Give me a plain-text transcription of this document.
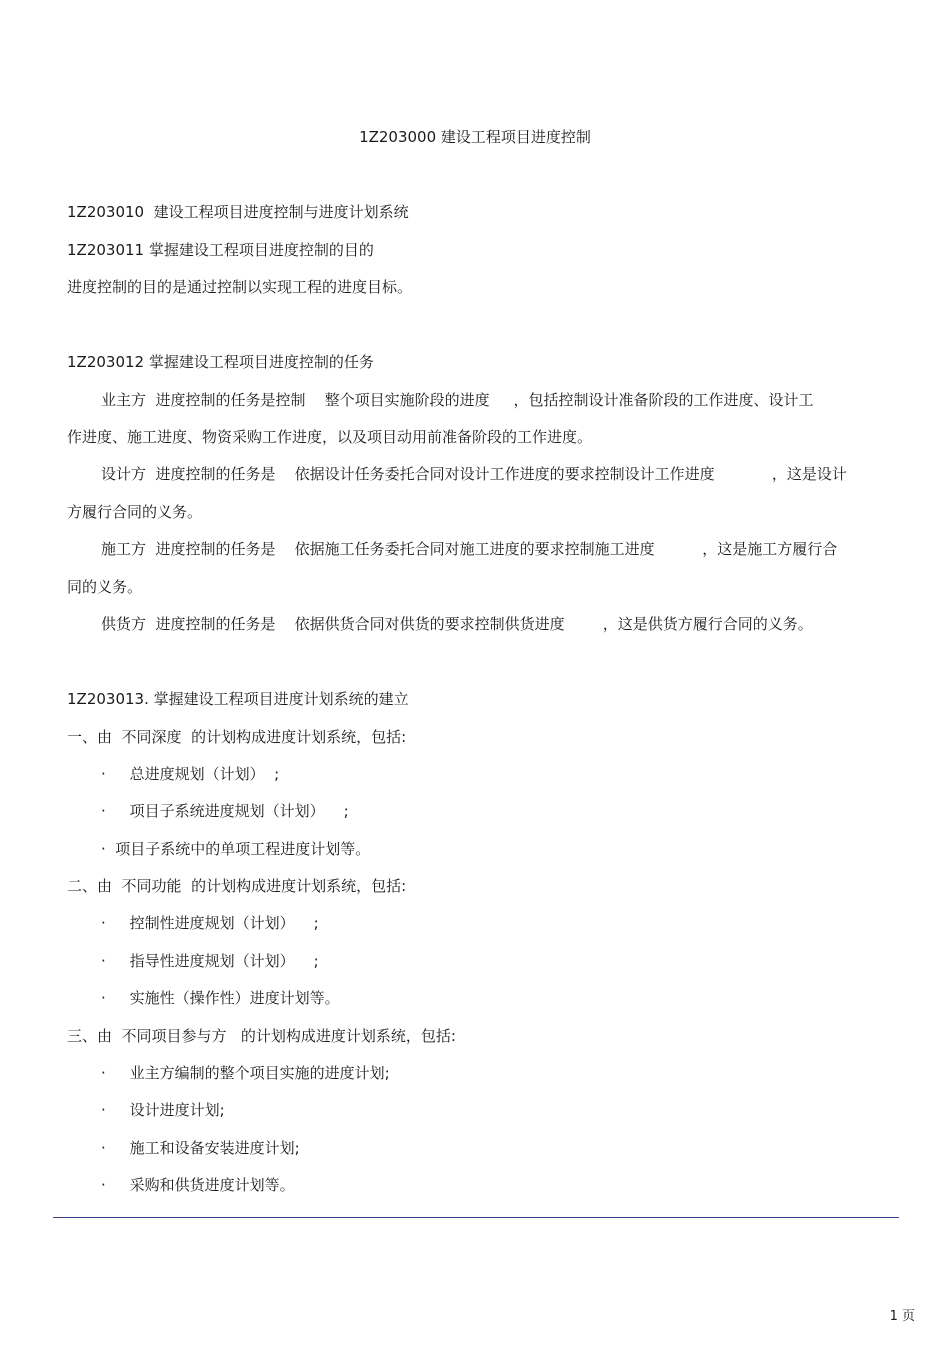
1Z203000 建设工程项目进度控制
1Z203010  建设工程项目进度控制与进度计划系统
1Z203011 掌握建设工程项目进度控制的目的
进度控制的目的是通过控制以实现工程的进度目标。
1Z203012 掌握建设工程项目进度控制的任务
业主方  进度控制的任务是控制    整个项目实施阶段的进度     ，包括控制设计准备阶段的工作进度、设计工
作进度、施工进度、物资采购工作进度，以及项目动用前准备阶段的工作进度。
设计方  进度控制的任务是    依据设计任务委托合同对设计工作进度的要求控制设计工作进度            ，这是设计
方履行合同的义务。
施工方  进度控制的任务是    依据施工任务委托合同对施工进度的要求控制施工进度          ，这是施工方履行合
同的义务。
供货方  进度控制的任务是    依据供货合同对供货的要求控制供货进度        ，这是供货方履行合同的义务。
1Z203013. 掌握建设工程项目进度计划系统的建立
一、由  不同深度  的计划构成进度计划系统，包括:
·     总进度规划（计划）  ;
·     项目子系统进度规划（计划）    ;
·  项目子系统中的单项工程进度计划等。
二、由  不同功能  的计划构成进度计划系统，包括:
·     控制性进度规划（计划）    ;
·     指导性进度规划（计划）    ;
·     实施性（操作性）进度计划等。
三、由  不同项目参与方   的计划构成进度计划系统，包括:
·     业主方编制的整个项目实施的进度计划;
·     设计进度计划;
·     施工和设备安装进度计划;
·     采购和供货进度计划等。
1 页
